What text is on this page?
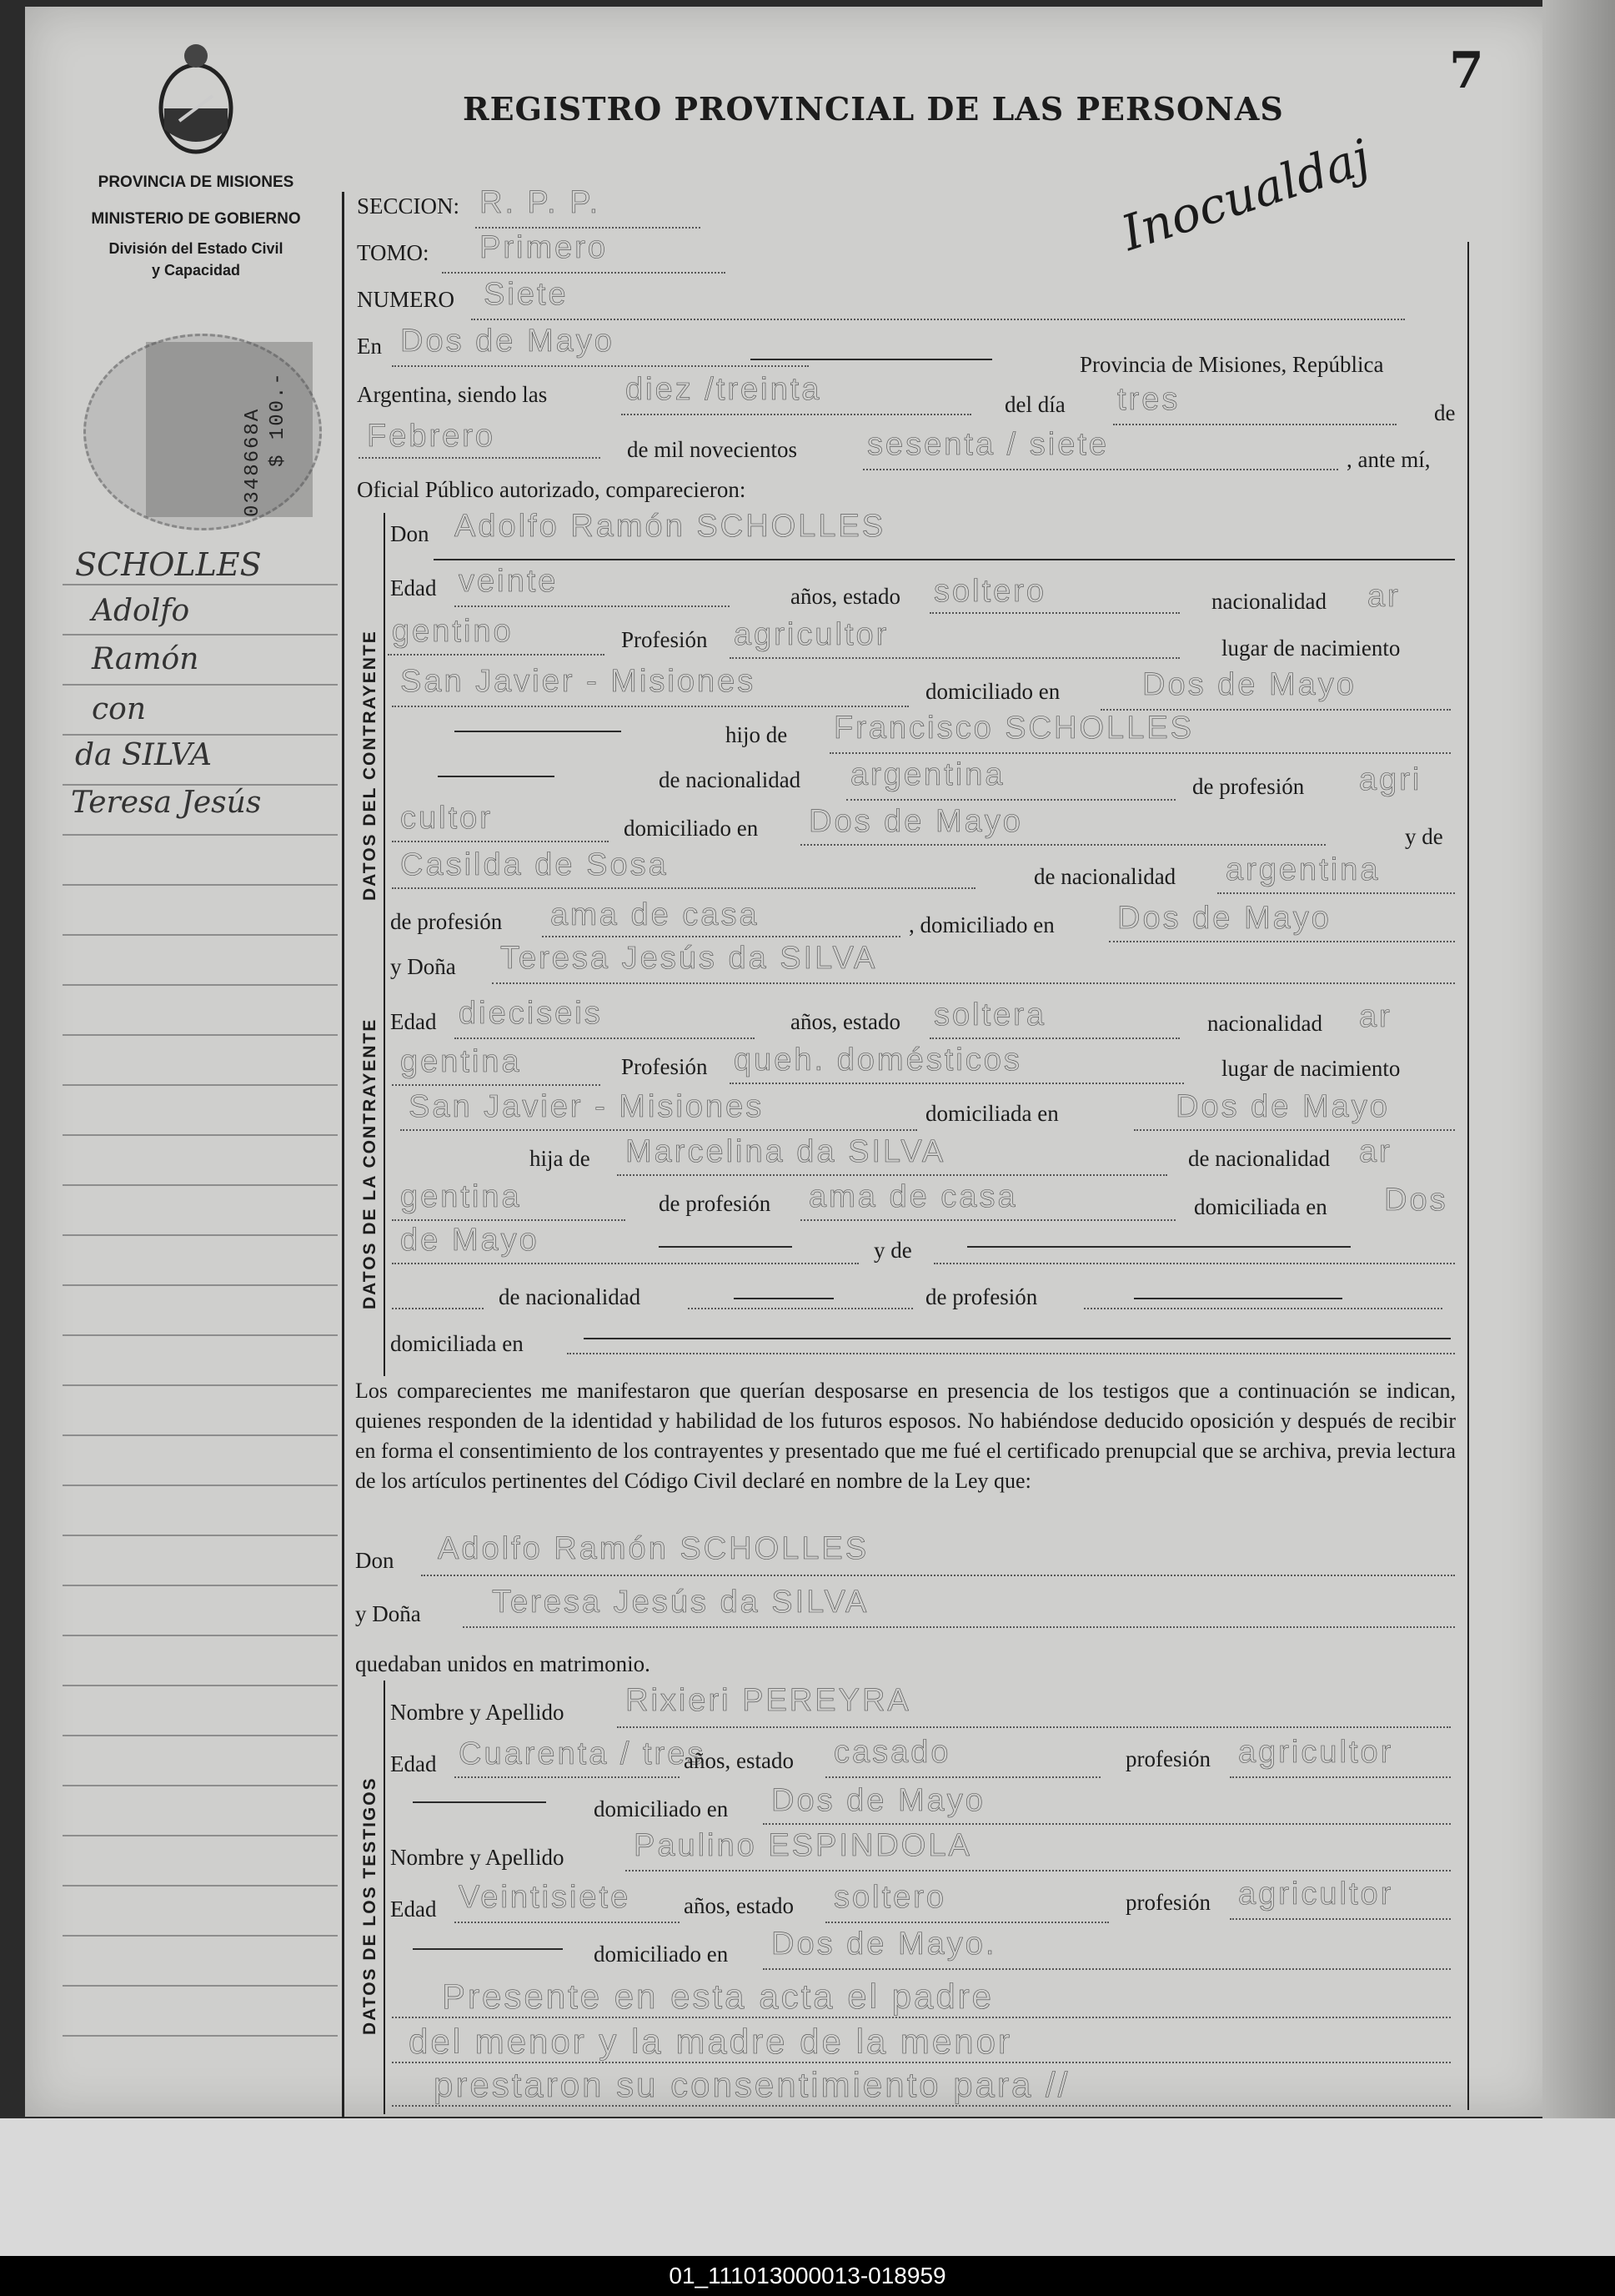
7
PROVINCIA DE MISIONES
MINISTERIO DE GOBIERNO
División del Estado Civil
y Capacidad
0348668A $ 100.-
SCHOLLES
Adolfo
Ramón
con
da SILVA
Teresa Jesús
REGISTRO PROVINCIAL DE LAS PERSONAS
Inocualdaj
SECCION: R. P. P.
TOMO: Primero
NUMERO Siete
En Dos de Mayo
Provincia de Misiones, República
Argentina, siendo las diez /treinta	del día tres	de
Febrero	de mil novecientos sesenta / siete	, ante mí,
Oficial Público autorizado, comparecieron:
DATOS DEL CONTRAYENTE
Don Adolfo Ramón SCHOLLES
Edad veinte	años, estado soltero	nacionalidad ar
gentino	Profesión agricultor	lugar de nacimiento
San Javier - Misiones	domiciliado en	Dos de Mayo
hijo de Francisco SCHOLLES
de nacionalidad argentina	de profesión agri
cultor	domiciliado en Dos de Mayo	y de
Casilda de Sosa	de nacionalidad argentina
de profesión ama de casa	, domiciliado en Dos de Mayo
DATOS DE LA CONTRAYENTE
y Doña Teresa Jesús da SILVA
Edad dieciseis	años, estado soltera	nacionalidad ar
gentina	Profesión queh. domésticos	lugar de nacimiento
San Javier - Misiones	domiciliada en	Dos de Mayo
hija de Marcelina da SILVA	de nacionalidad ar
gentina	de profesión ama de casa	domiciliada en Dos
de Mayo	y de
de nacionalidad	de profesión
domiciliada en
Los comparecientes me manifestaron que querían desposarse en presencia de los testigos que a continuación se indican, quienes responden de la identidad y habilidad de los futuros esposos. No habiéndose deducido oposición y después de recibir en forma el consentimiento de los contrayentes y presentado que me fué el certificado prenupcial que se archiva, previa lectura de los artículos pertinentes del Código Civil declaré en nombre de la Ley que:
Don Adolfo Ramón SCHOLLES
y Doña Teresa Jesús da SILVA
quedaban unidos en matrimonio.
DATOS DE LOS TESTIGOS
Nombre y Apellido Rixieri PEREYRA
Edad Cuarenta / tres
años, estado casado	profesión agricultor
domiciliado en Dos de Mayo
Nombre y Apellido Paulino ESPINDOLA
Edad Veintisiete años, estado soltero	profesión agricultor
domiciliado en Dos de Mayo.
Presente en esta acta el padre
del menor y la madre de la menor
prestaron su consentimiento para //
01_111013000013-018959
